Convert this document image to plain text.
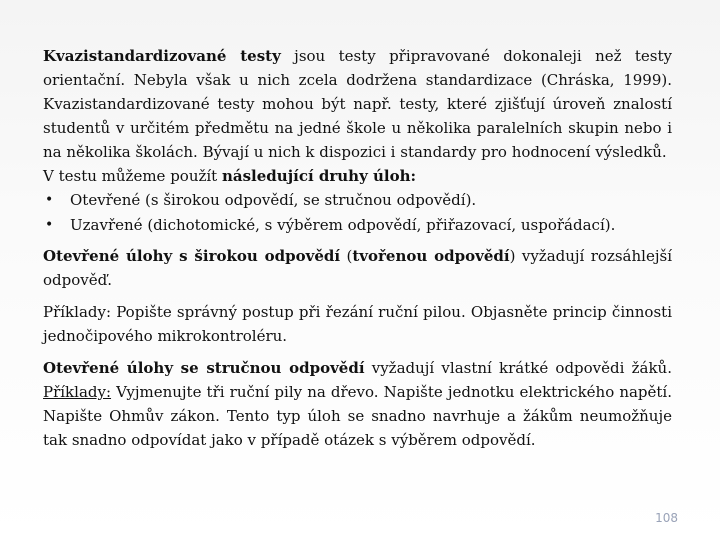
Kvazistandardizované testy jsou testy připravované dokonaleji než testy orientační. Nebyla však u nich zcela dodržena standardizace (Chráska, 1999). Kvazistandardizované testy mohou být např. testy, které zjišťují úroveň znalostí studentů v určitém předmětu na jedné škole u několika paralelních skupin nebo i na několika školách. Bývají u nich k dispozici i standardy pro hodnocení výsledků.

V testu můžeme použít následující druhy úloh:

• Otevřené (s širokou odpovědí, se stručnou odpovědí).
• Uzavřené (dichotomické, s výběrem odpovědí, přiřazovací, uspořádací).

Otevřené úlohy s širokou odpovědí (tvořenou odpovědí) vyžadují rozsáhlejší odpověď.

Příklady: Popište správný postup při řezání ruční pilou. Objasněte princip činnosti jednočipového mikrokontroléru.

Otevřené úlohy se stručnou odpovědí vyžadují vlastní krátké odpovědi žáků. Příklady: Vyjmenujte tři ruční pily na dřevo. Napište jednotku elektrického napětí. Napište Ohmův zákon. Tento typ úloh se snadno navrhuje a žákům neumožňuje tak snadno odpovídat jako v případě otázek s výběrem odpovědí.

108
